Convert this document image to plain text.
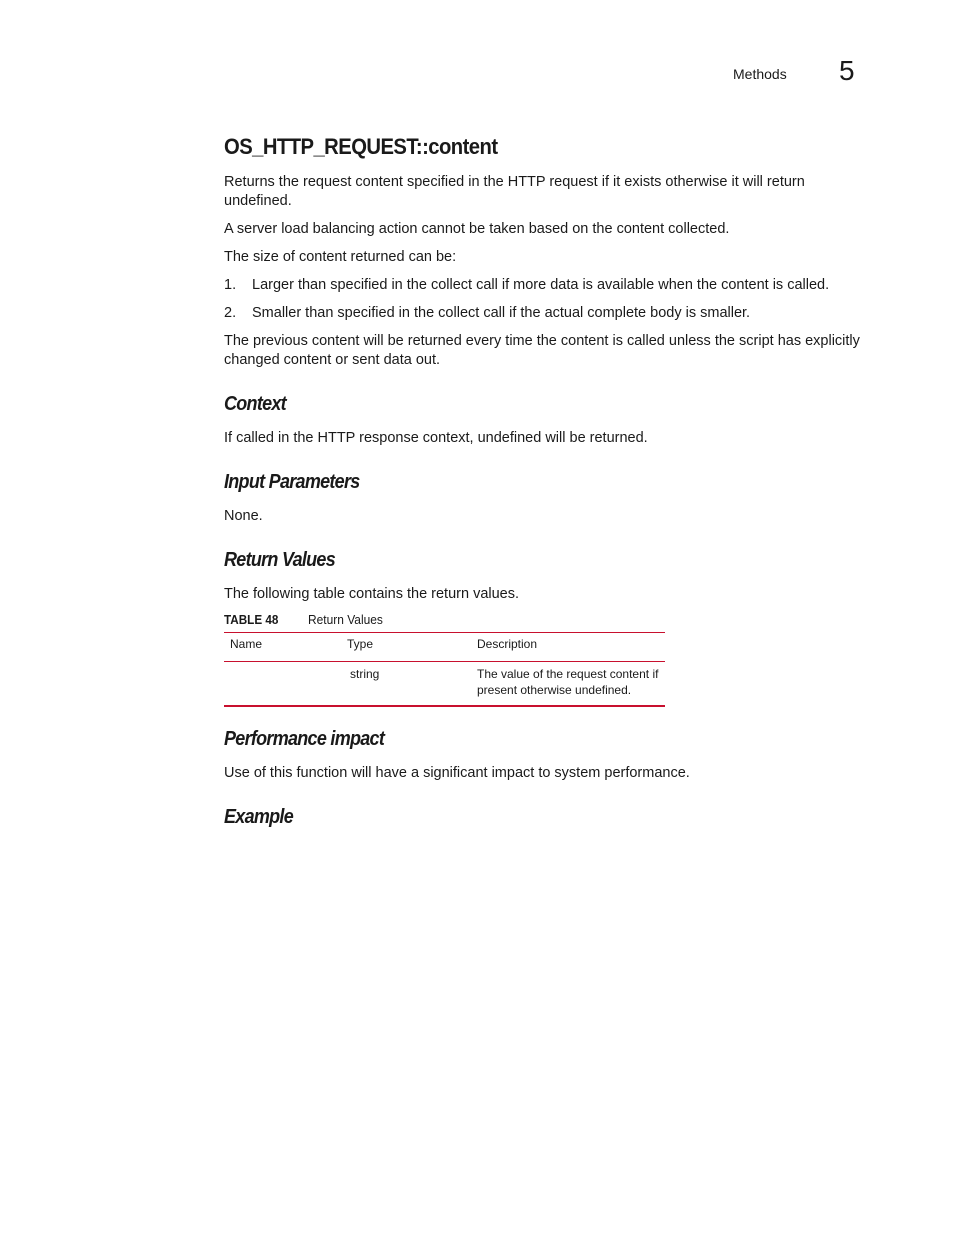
Methods 5
OS_HTTP_REQUEST::content

Returns the request content specified in the HTTP request if it exists otherwise it will return undefined.

A server load balancing action cannot be taken based on the content collected.

The size of content returned can be:

1.	Larger than specified in the collect call if more data is available when the content is called.
2.	Smaller than specified in the collect call if the actual complete body is smaller.

The previous content will be returned every time the content is called unless the script has explicitly changed content or sent data out.

Context

If called in the HTTP response context, undefined will be returned.

Input Parameters

None.

Return Values

The following table contains the return values.

TABLE 48	Return Values
Name	Type	Description
	string	The value of the request content if present otherwise undefined.
Performance impact

Use of this function will have a significant impact to system performance.

Example
